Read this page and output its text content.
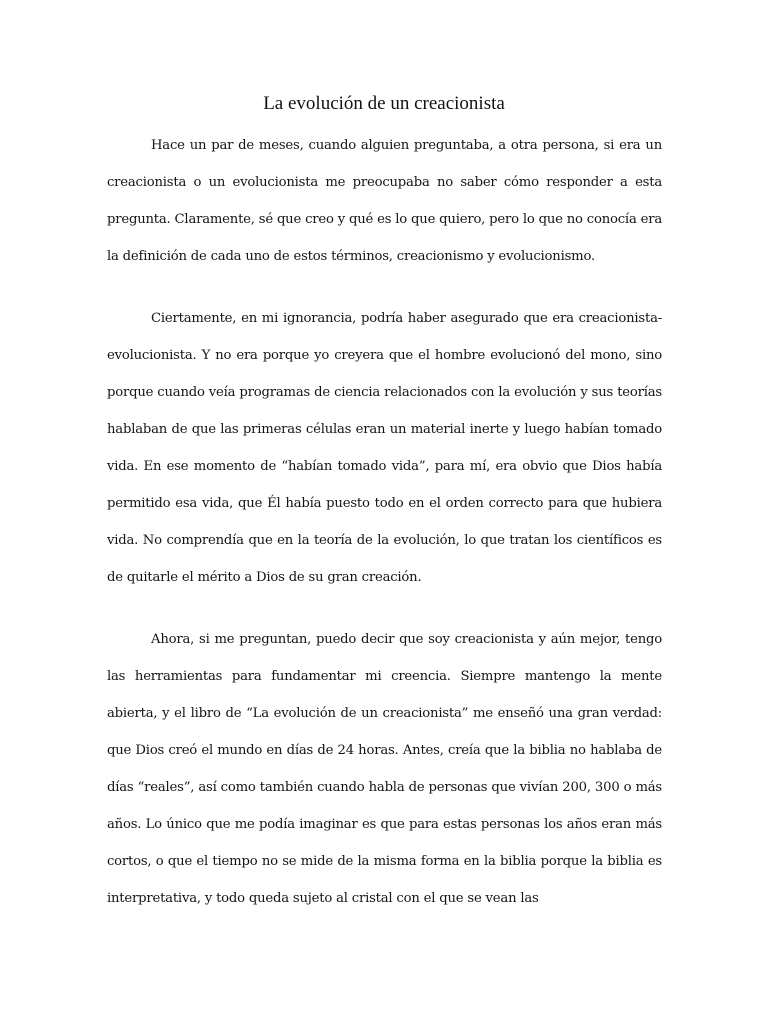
La evolución de un creacionista

Hace un par de meses, cuando alguien preguntaba, a otra persona, si era un creacionista o un evolucionista me preocupaba no saber cómo responder a esta pregunta. Claramente, sé que creo y qué es lo que quiero, pero lo que no conocía era la definición de cada uno de estos términos, creacionismo y evolucionismo.

Ciertamente, en mi ignorancia, podría haber asegurado que era creacionista-evolucionista. Y no era porque yo creyera que el hombre evolucionó del mono, sino porque cuando veía programas de ciencia relacionados con la evolución y sus teorías hablaban de que las primeras células eran un material inerte y luego habían tomado vida. En ese momento de “habían tomado vida”, para mí, era obvio que Dios había permitido esa vida, que Él había puesto todo en el orden correcto para que hubiera vida. No comprendía que en la teoría de la evolución, lo que tratan los científicos es de quitarle el mérito a Dios de su gran creación.

Ahora, si me preguntan, puedo decir que soy creacionista y aún mejor, tengo las herramientas para fundamentar mi creencia. Siempre mantengo la mente abierta, y el libro de “La evolución de un creacionista” me enseñó una gran verdad: que Dios creó el mundo en días de 24 horas. Antes, creía que la biblia no hablaba de días “reales”, así como también cuando habla de personas que vivían 200, 300 o más años. Lo único que me podía imaginar es que para estas personas los años eran más cortos, o que el tiempo no se mide de la misma forma en la biblia porque la biblia es interpretativa, y todo queda sujeto al cristal con el que se vean las
